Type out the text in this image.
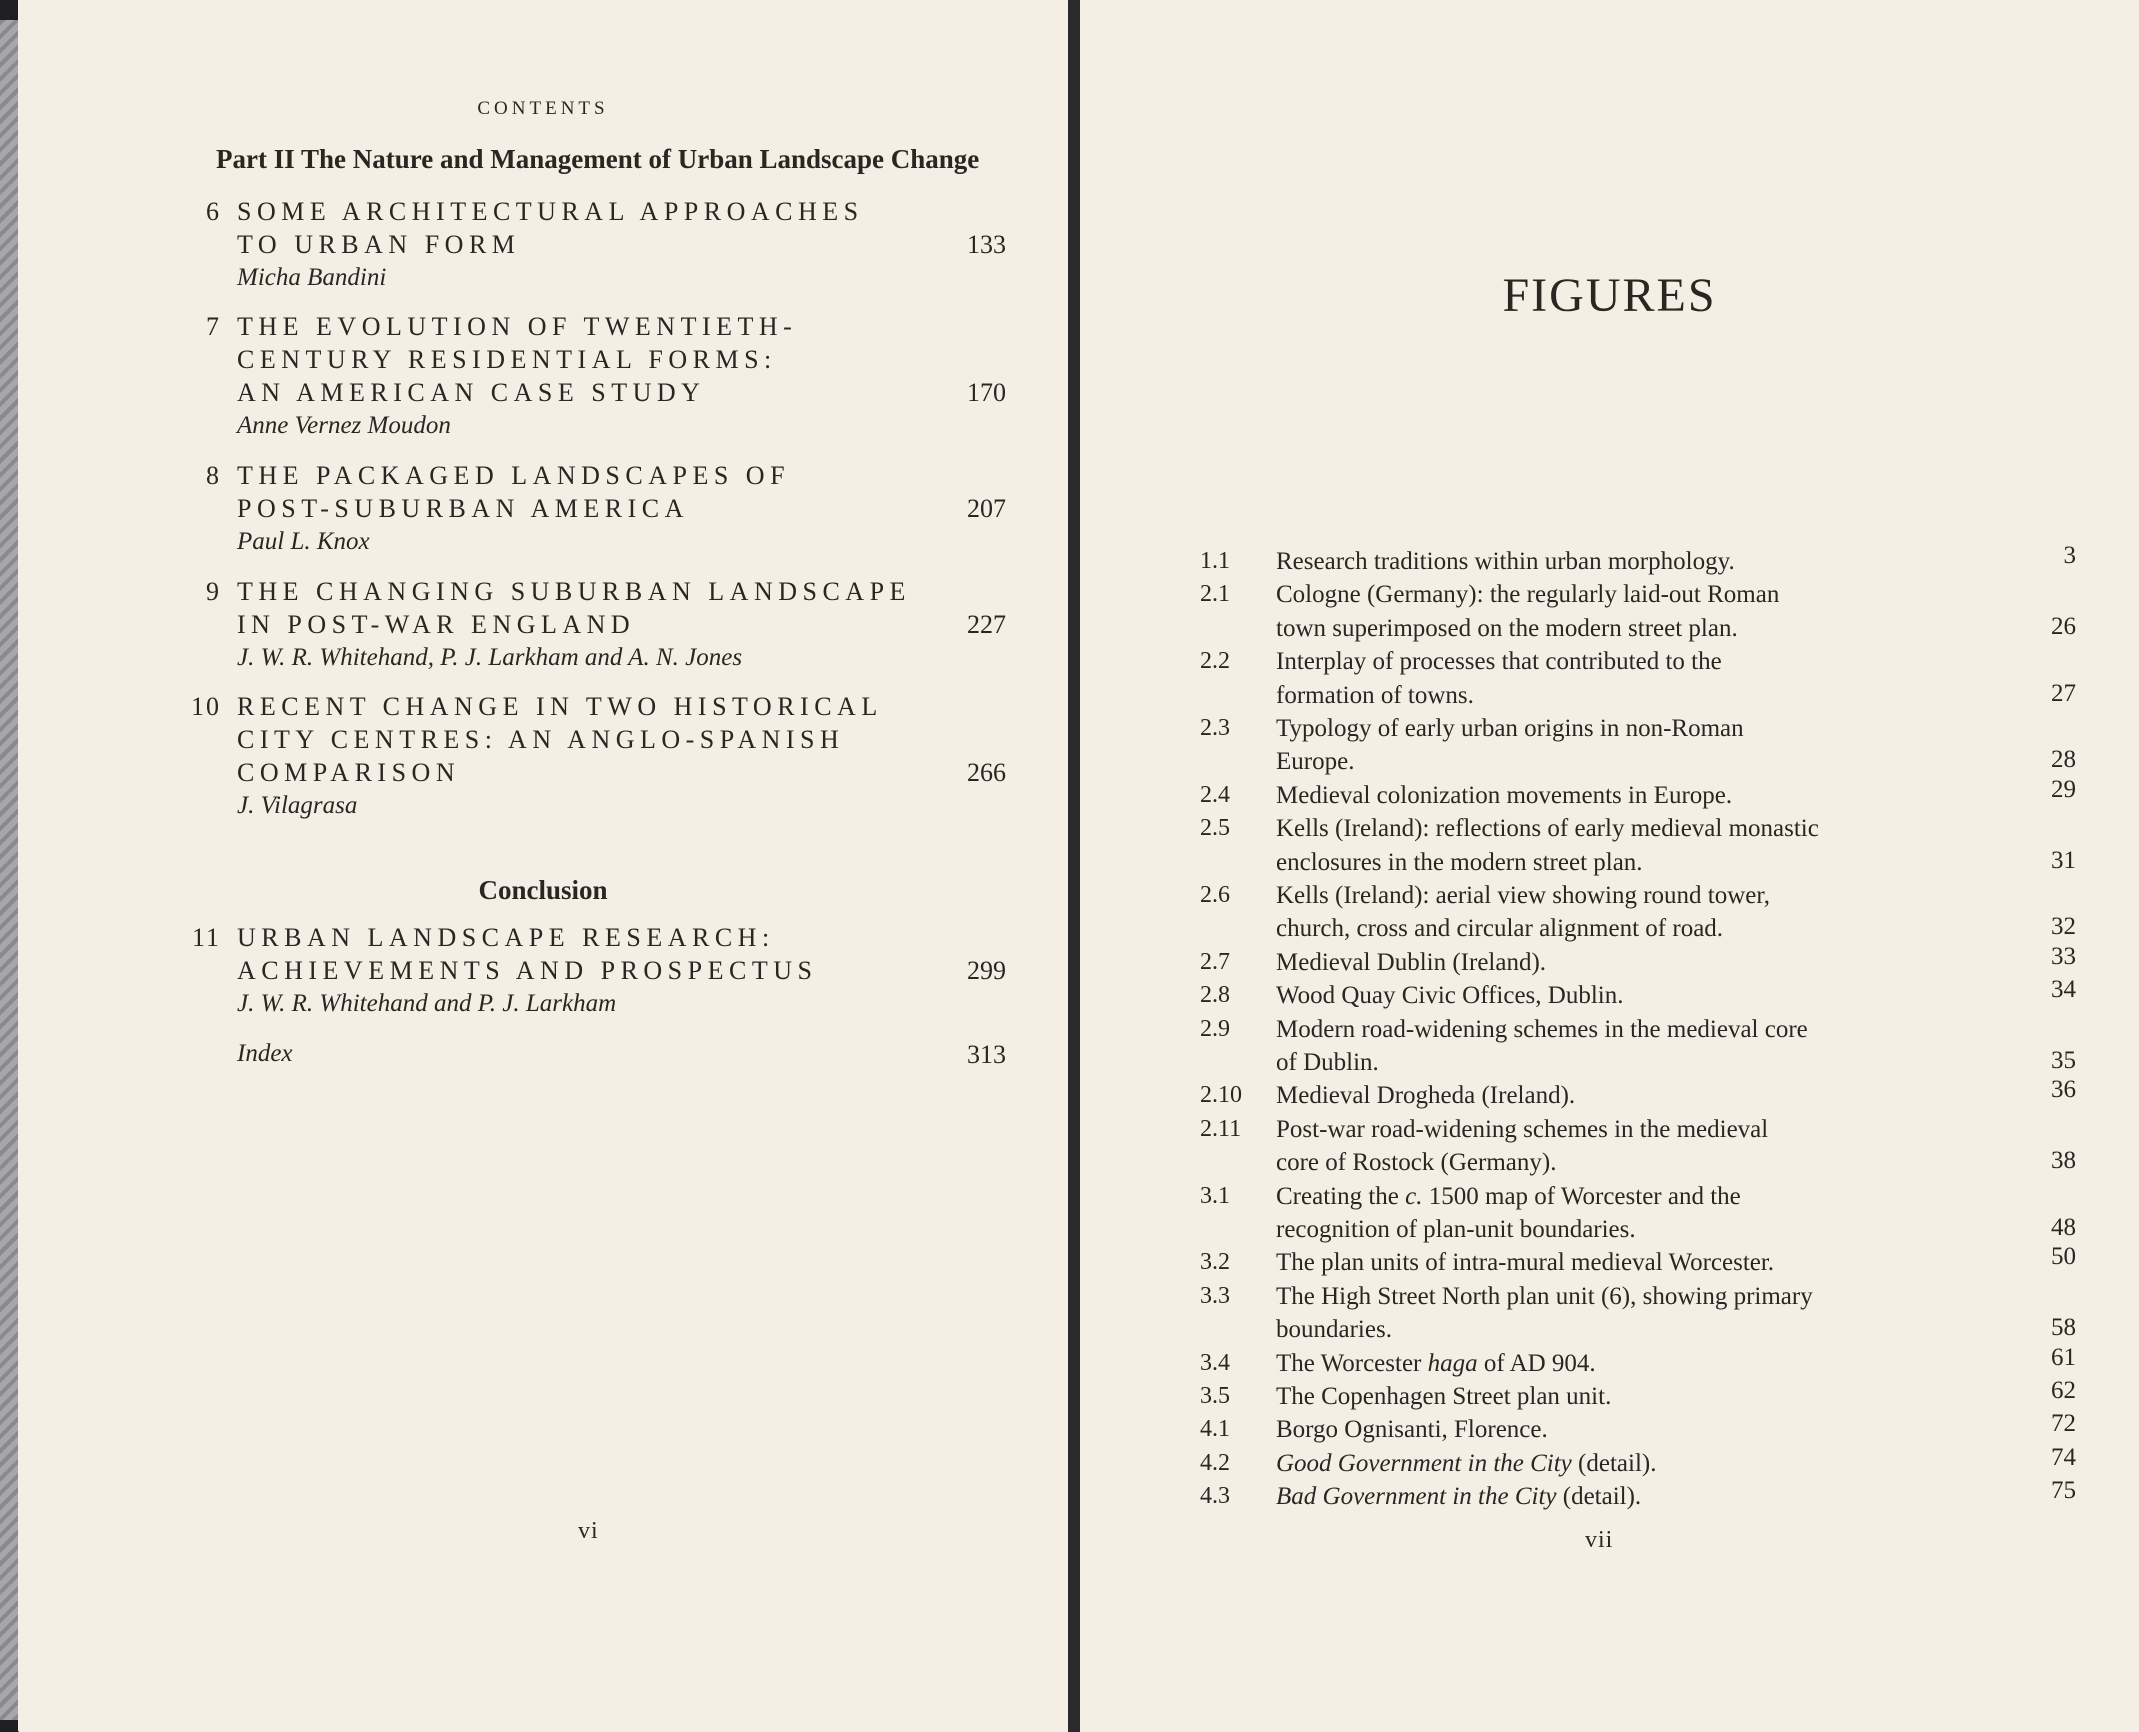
CONTENTS
Part II The Nature and Management of Urban Landscape Change
6 SOME ARCHITECTURAL APPROACHES
TO URBAN FORM	133
Micha Bandini
7 THE EVOLUTION OF TWENTIETH-
CENTURY RESIDENTIAL FORMS:
AN AMERICAN CASE STUDY	170
Anne Vernez Moudon
8 THE PACKAGED LANDSCAPES OF
POST-SUBURBAN AMERICA	207
Paul L. Knox
9 THE CHANGING SUBURBAN LANDSCAPE
IN POST-WAR ENGLAND	227
J. W. R. Whitehand, P. J. Larkham and A. N. Jones
10 RECENT CHANGE IN TWO HISTORICAL
CITY CENTRES: AN ANGLO-SPANISH
COMPARISON	266
J. Vilagrasa
Conclusion
11 URBAN LANDSCAPE RESEARCH:
ACHIEVEMENTS AND PROSPECTUS	299
J. W. R. Whitehand and P. J. Larkham
Index	313
vi
FIGURES
1.1	Research traditions within urban morphology.	3
2.1	Cologne (Germany): the regularly laid-out Roman
town superimposed on the modern street plan.	26
2.2	Interplay of processes that contributed to the
formation of towns.	27
2.3	Typology of early urban origins in non-Roman
Europe.	28
2.4	Medieval colonization movements in Europe.	29
2.5	Kells (Ireland): reflections of early medieval monastic
enclosures in the modern street plan.	31
2.6	Kells (Ireland): aerial view showing round tower,
church, cross and circular alignment of road.	32
2.7	Medieval Dublin (Ireland).	33
2.8	Wood Quay Civic Offices, Dublin.	34
2.9	Modern road-widening schemes in the medieval core
of Dublin.	35
2.10	Medieval Drogheda (Ireland).	36
2.11	Post-war road-widening schemes in the medieval
core of Rostock (Germany).	38
3.1	Creating the c. 1500 map of Worcester and the
recognition of plan-unit boundaries.	48
3.2	The plan units of intra-mural medieval Worcester.	50
3.3	The High Street North plan unit (6), showing primary
boundaries.	58
3.4	The Worcester haga of AD 904.	61
3.5	The Copenhagen Street plan unit.	62
4.1	Borgo Ognisanti, Florence.	72
4.2	Good Government in the City (detail).	74
4.3	Bad Government in the City (detail).	75
vii
